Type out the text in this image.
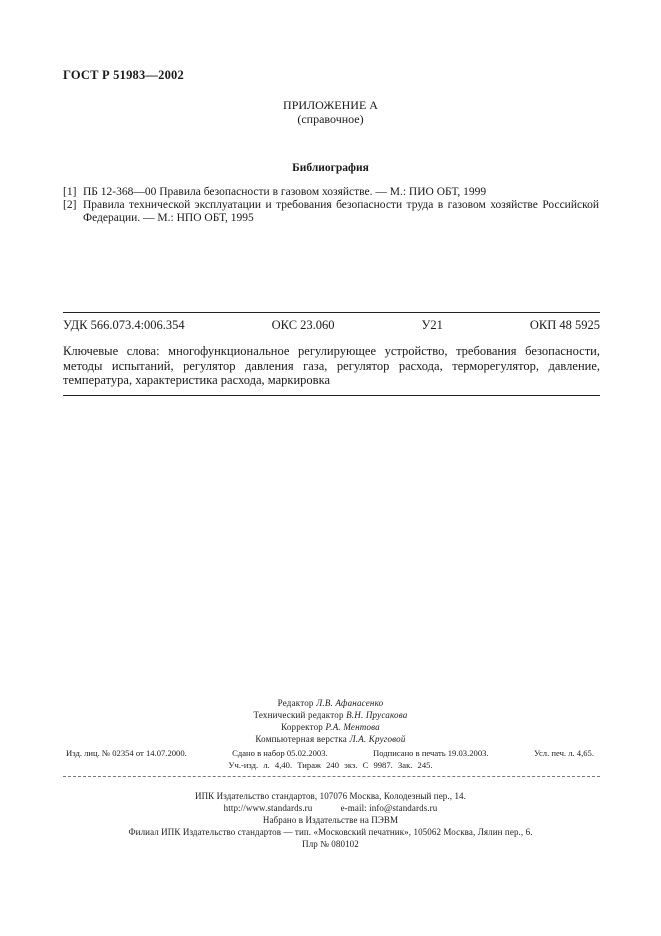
ГОСТ Р 51983—2002
ПРИЛОЖЕНИЕ А
(справочное)
Библиография
[1] ПБ 12-368—00 Правила безопасности в газовом хозяйстве. — М.: ПИО ОБТ, 1999
[2] Правила технической эксплуатации и требования безопасности труда в газовом хозяйстве Российской Федерации. — М.: НПО ОБТ, 1995
УДК 566.073.4:006.354	ОКС 23.060	У21	ОКП 48 5925
Ключевые слова: многофункциональное регулирующее устройство, требования безопасности, методы испытаний, регулятор давления газа, регулятор расхода, терморегулятор, давление, температура, характеристика расхода, маркировка
Редактор Л.В. Афанасенко
Технический редактор В.Н. Прусакова
Корректор Р.А. Ментова
Компьютерная верстка Л.А. Круговой
Изд. лиц. № 02354 от 14.07.2000.	Сдано в набор 05.02.2003.	Подписано в печать 19.03.2003.	Усл. печ. л. 4,65.
Уч.-изд. л. 4,40. Тираж 240 экз. С 9987. Зак. 245.
ИПК Издательство стандартов, 107076 Москва, Колодезный пер., 14.
http://www.standards.ru	e-mail: info@standards.ru
Набрано в Издательстве на ПЭВМ
Филиал ИПК Издательство стандартов — тип. «Московский печатник», 105062 Москва, Лялин пер., 6.
Плр № 080102
